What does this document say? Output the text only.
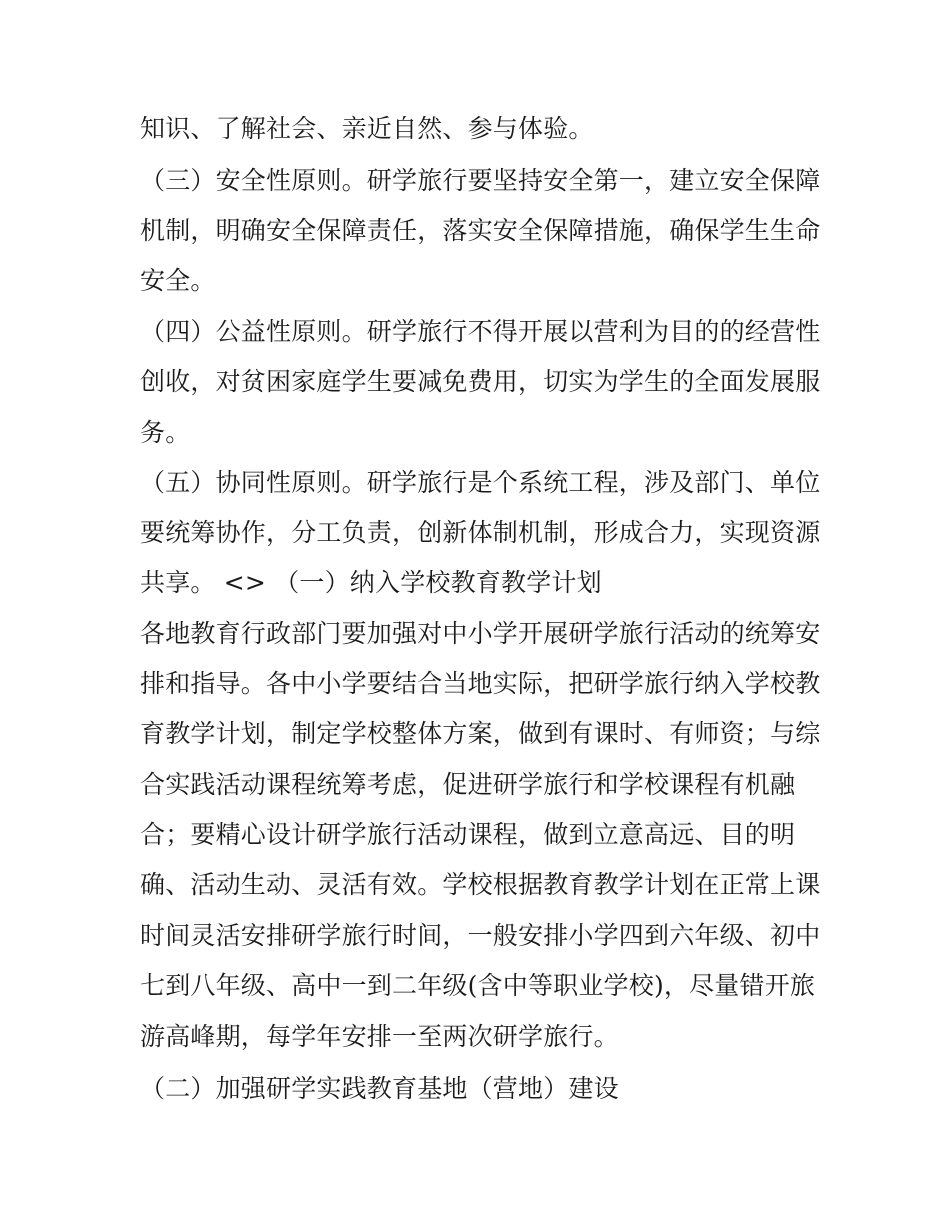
知识、了解社会、亲近自然、参与体验。
（三）安全性原则。研学旅行要坚持安全第一，建立安全保障
机制，明确安全保障责任，落实安全保障措施，确保学生生命
安全。
（四）公益性原则。研学旅行不得开展以营利为目的的经营性
创收，对贫困家庭学生要减免费用，切实为学生的全面发展服
务。
（五）协同性原则。研学旅行是个系统工程，涉及部门、单位
要统筹协作，分工负责，创新体制机制，形成合力，实现资源
共享。 <> （一）纳入学校教育教学计划
各地教育行政部门要加强对中小学开展研学旅行活动的统筹安
排和指导。各中小学要结合当地实际，把研学旅行纳入学校教
育教学计划，制定学校整体方案，做到有课时、有师资；与综
合实践活动课程统筹考虑，促进研学旅行和学校课程有机融
合；要精心设计研学旅行活动课程，做到立意高远、目的明
确、活动生动、灵活有效。学校根据教育教学计划在正常上课
时间灵活安排研学旅行时间，一般安排小学四到六年级、初中
七到八年级、高中一到二年级(含中等职业学校)，尽量错开旅
游高峰期，每学年安排一至两次研学旅行。
（二）加强研学实践教育基地（营地）建设
